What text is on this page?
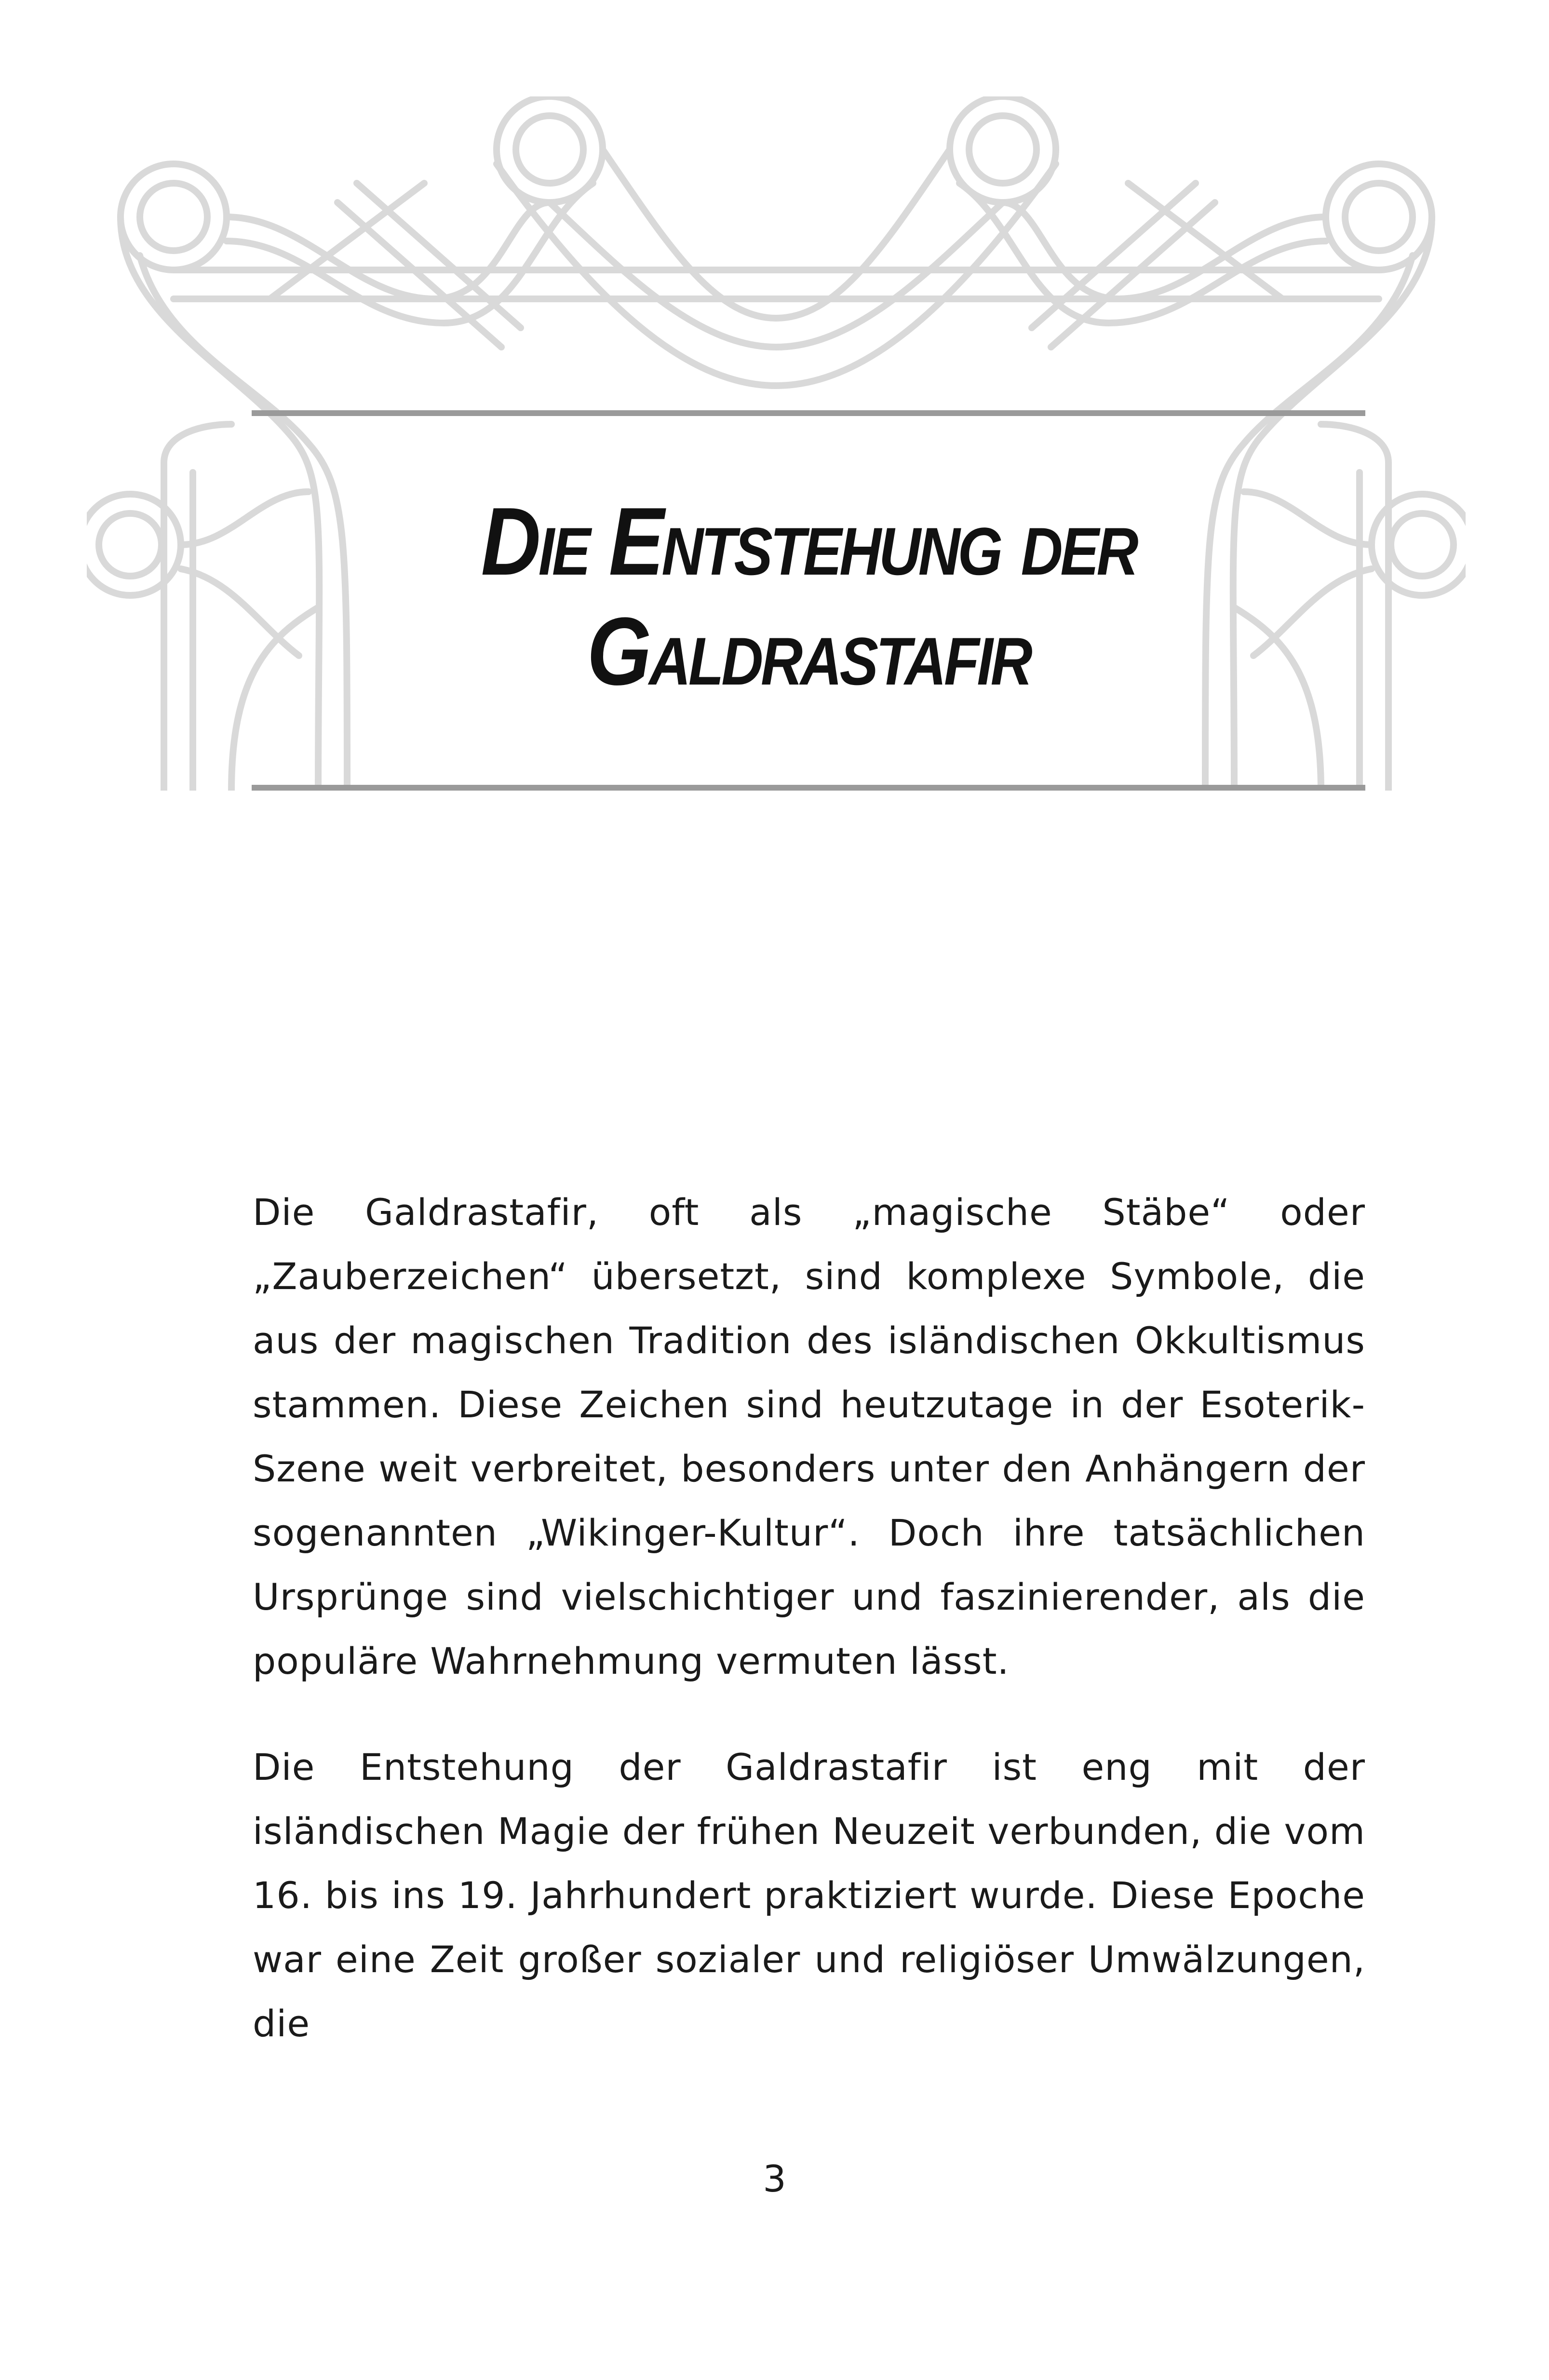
Die Entstehung der Galdrastafir

Die Galdrastafir, oft als „magische Stäbe“ oder „Zauberzeichen“ übersetzt, sind komplexe Symbole, die aus der magischen Tradition des isländischen Okkultismus stammen. Diese Zeichen sind heutzutage in der Esoterik-Szene weit verbreitet, besonders unter den Anhängern der sogenannten „Wikinger-Kultur“. Doch ihre tatsächlichen Ursprünge sind vielschichtiger und faszinierender, als die populäre Wahrnehmung vermuten lässt.

Die Entstehung der Galdrastafir ist eng mit der isländischen Magie der frühen Neuzeit verbunden, die vom 16. bis ins 19. Jahrhundert praktiziert wurde. Diese Epoche war eine Zeit großer sozialer und religiöser Umwälzungen, die

3
